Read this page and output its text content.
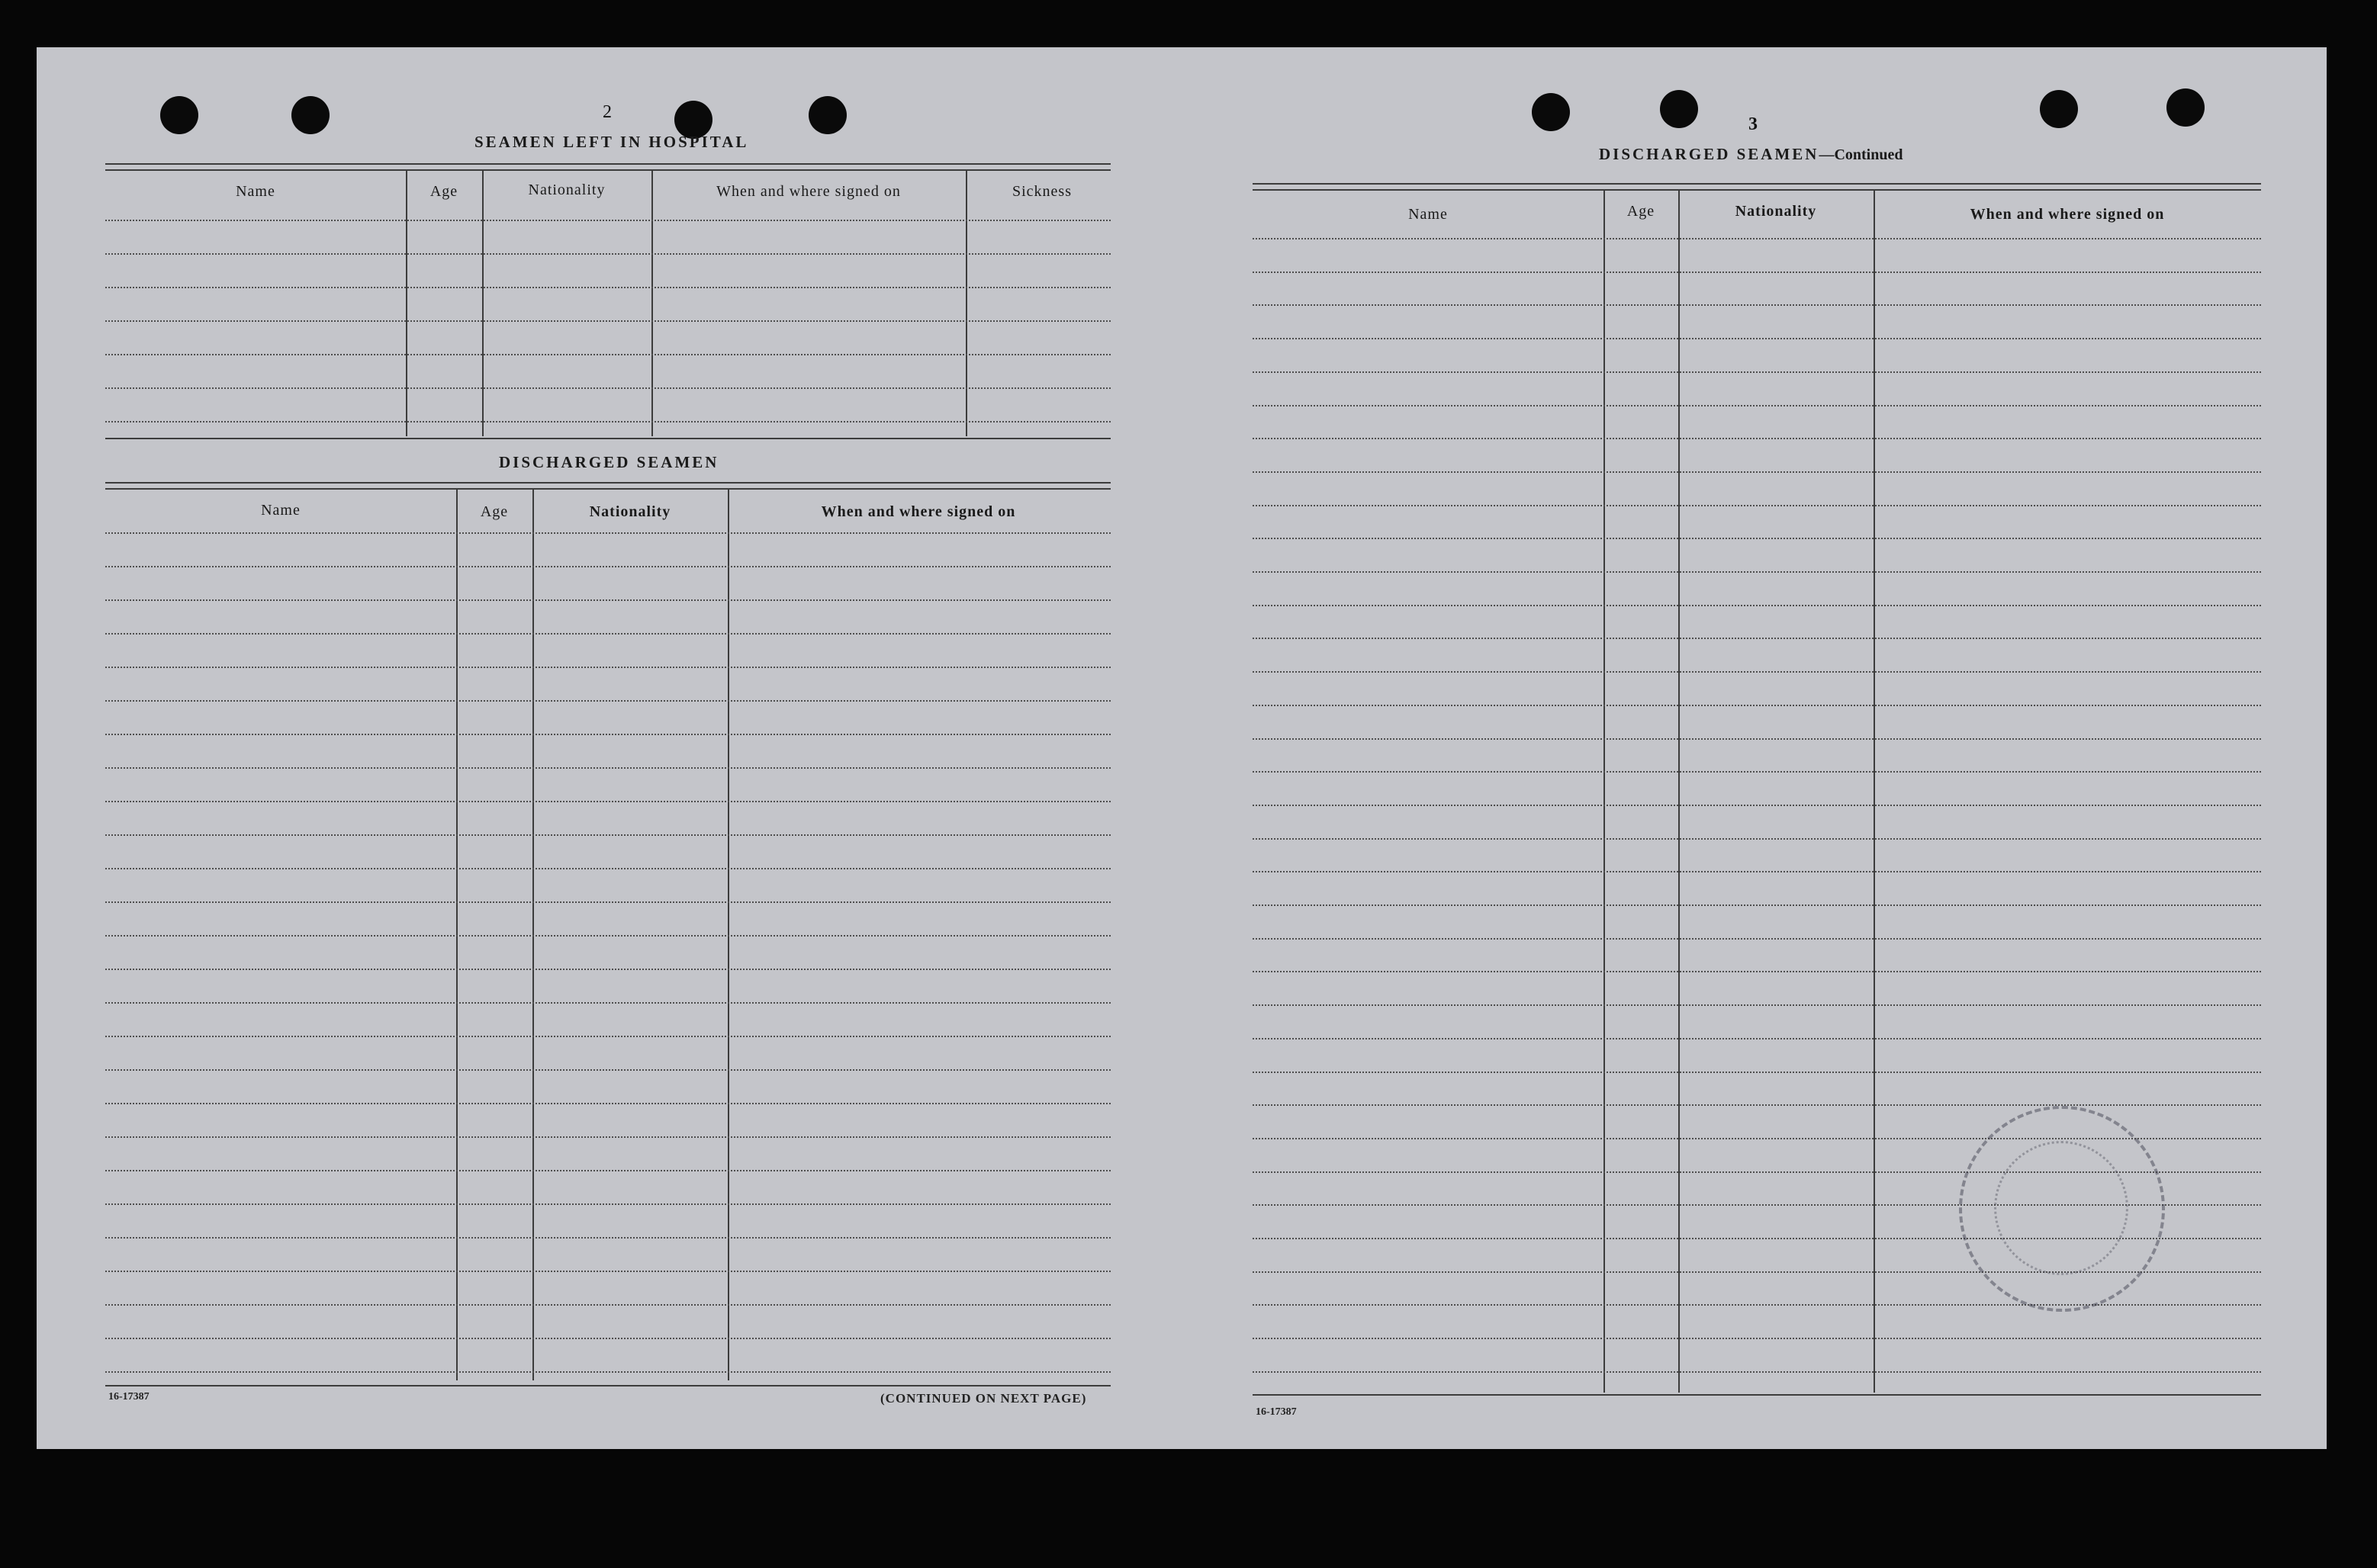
2
SEAMEN LEFT IN HOSPITAL
Name	Age	Nationality	When and where signed on	Sickness
DISCHARGED SEAMEN
Name	Age	Nationality	When and where signed on
16-17387	(CONTINUED ON NEXT PAGE)
3
DISCHARGED SEAMEN—Continued
Name	Age	Nationality	When and where signed on
16-17387
